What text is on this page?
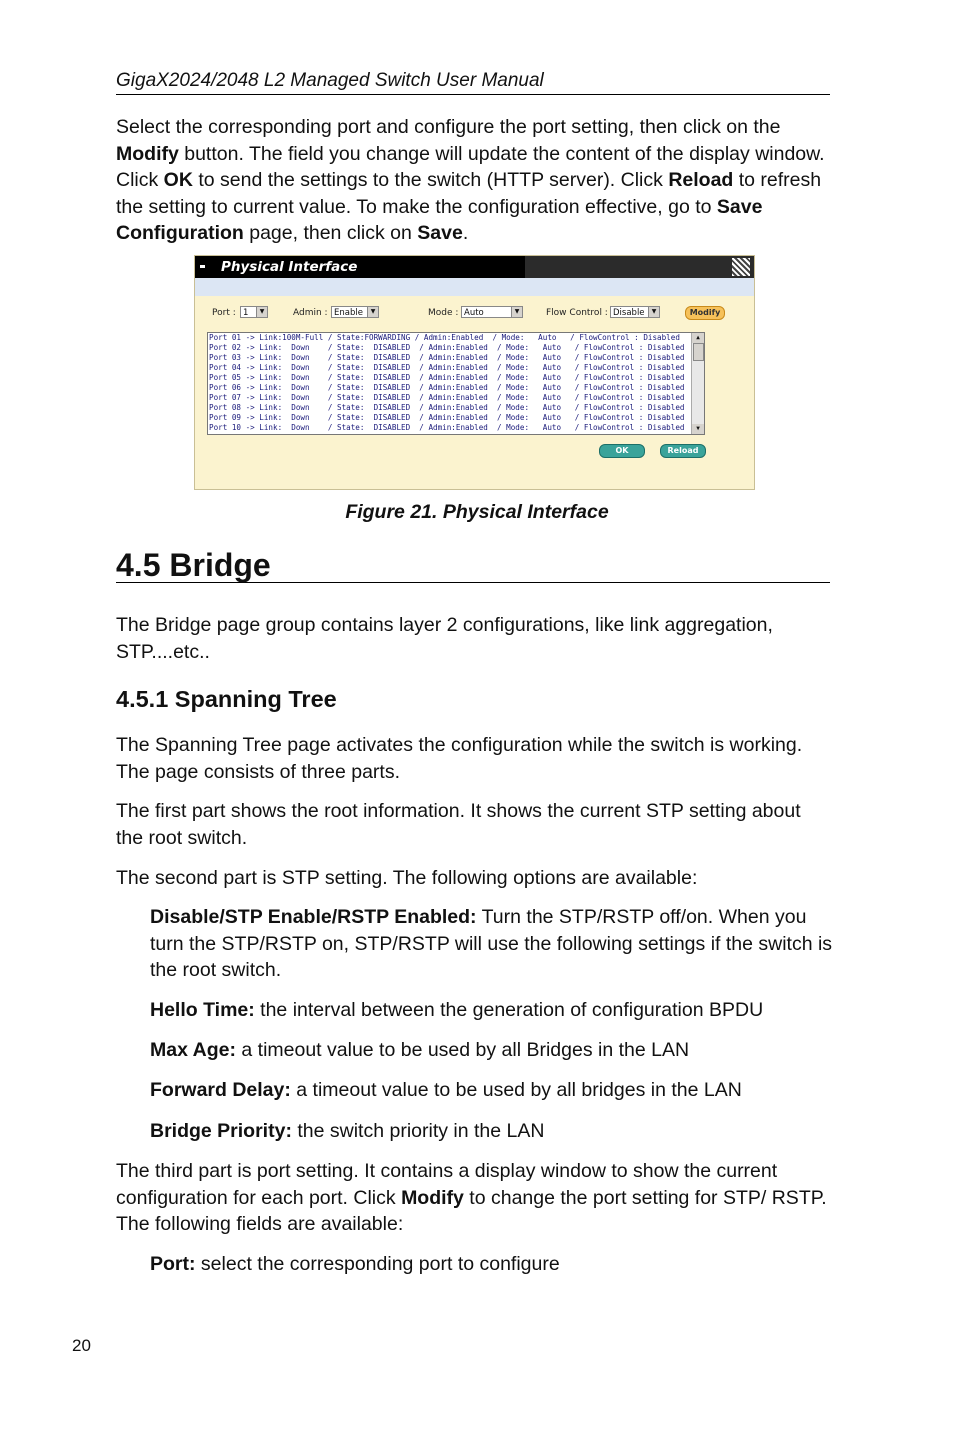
GigaX2024/2048 L2 Managed Switch User Manual

Select the corresponding port and configure the port setting, then click on the Modify button. The field you change will update the content of the display window. Click OK to send the settings to the switch (HTTP server). Click Reload to refresh the setting to current value. To make the configuration effective, go to Save Configuration page, then click on Save.

Physical Interface
Port : 1	▼	Admin : Enable	▼	Mode : Auto	▼	Flow Control : Disable	▼	Modify
Port 01 -> Link:100M-Full / State:FORWARDING / Admin:Enabled  / Mode:   Auto   / FlowControl : Disabled
Port 02 -> Link:  Down    / State:  DISABLED  / Admin:Enabled  / Mode:   Auto   / FlowControl : Disabled
Port 03 -> Link:  Down    / State:  DISABLED  / Admin:Enabled  / Mode:   Auto   / FlowControl : Disabled
Port 04 -> Link:  Down    / State:  DISABLED  / Admin:Enabled  / Mode:   Auto   / FlowControl : Disabled
Port 05 -> Link:  Down    / State:  DISABLED  / Admin:Enabled  / Mode:   Auto   / FlowControl : Disabled
Port 06 -> Link:  Down    / State:  DISABLED  / Admin:Enabled  / Mode:   Auto   / FlowControl : Disabled
Port 07 -> Link:  Down    / State:  DISABLED  / Admin:Enabled  / Mode:   Auto   / FlowControl : Disabled
Port 08 -> Link:  Down    / State:  DISABLED  / Admin:Enabled  / Mode:   Auto   / FlowControl : Disabled
Port 09 -> Link:  Down    / State:  DISABLED  / Admin:Enabled  / Mode:   Auto   / FlowControl : Disabled
Port 10 -> Link:  Down    / State:  DISABLED  / Admin:Enabled  / Mode:   Auto   / FlowControl : Disabled

▲
▼
OK	Reload
Figure 21. Physical Interface
4.5 Bridge

The Bridge page group contains layer 2 configurations, like link aggregation, STP....etc..

4.5.1 Spanning Tree

The Spanning Tree page activates the configuration while the switch is working. The page consists of three parts.

The first part shows the root information. It shows the current STP setting about the root switch.

The second part is STP setting. The following options are available:

Disable/STP Enable/RSTP Enabled: Turn the STP/RSTP off/on. When you turn the STP/RSTP on, STP/RSTP will use the following settings if the switch is the root switch.

Hello Time: the interval between the generation of configuration BPDU

Max Age: a timeout value to be used by all Bridges in the LAN

Forward Delay: a timeout value to be used by all bridges in the LAN

Bridge Priority: the switch priority in the LAN

The third part is port setting. It contains a display window to show the current configuration for each port. Click Modify to change the port setting for STP/ RSTP. The following fields are available:

Port: select the corresponding port to configure

20
